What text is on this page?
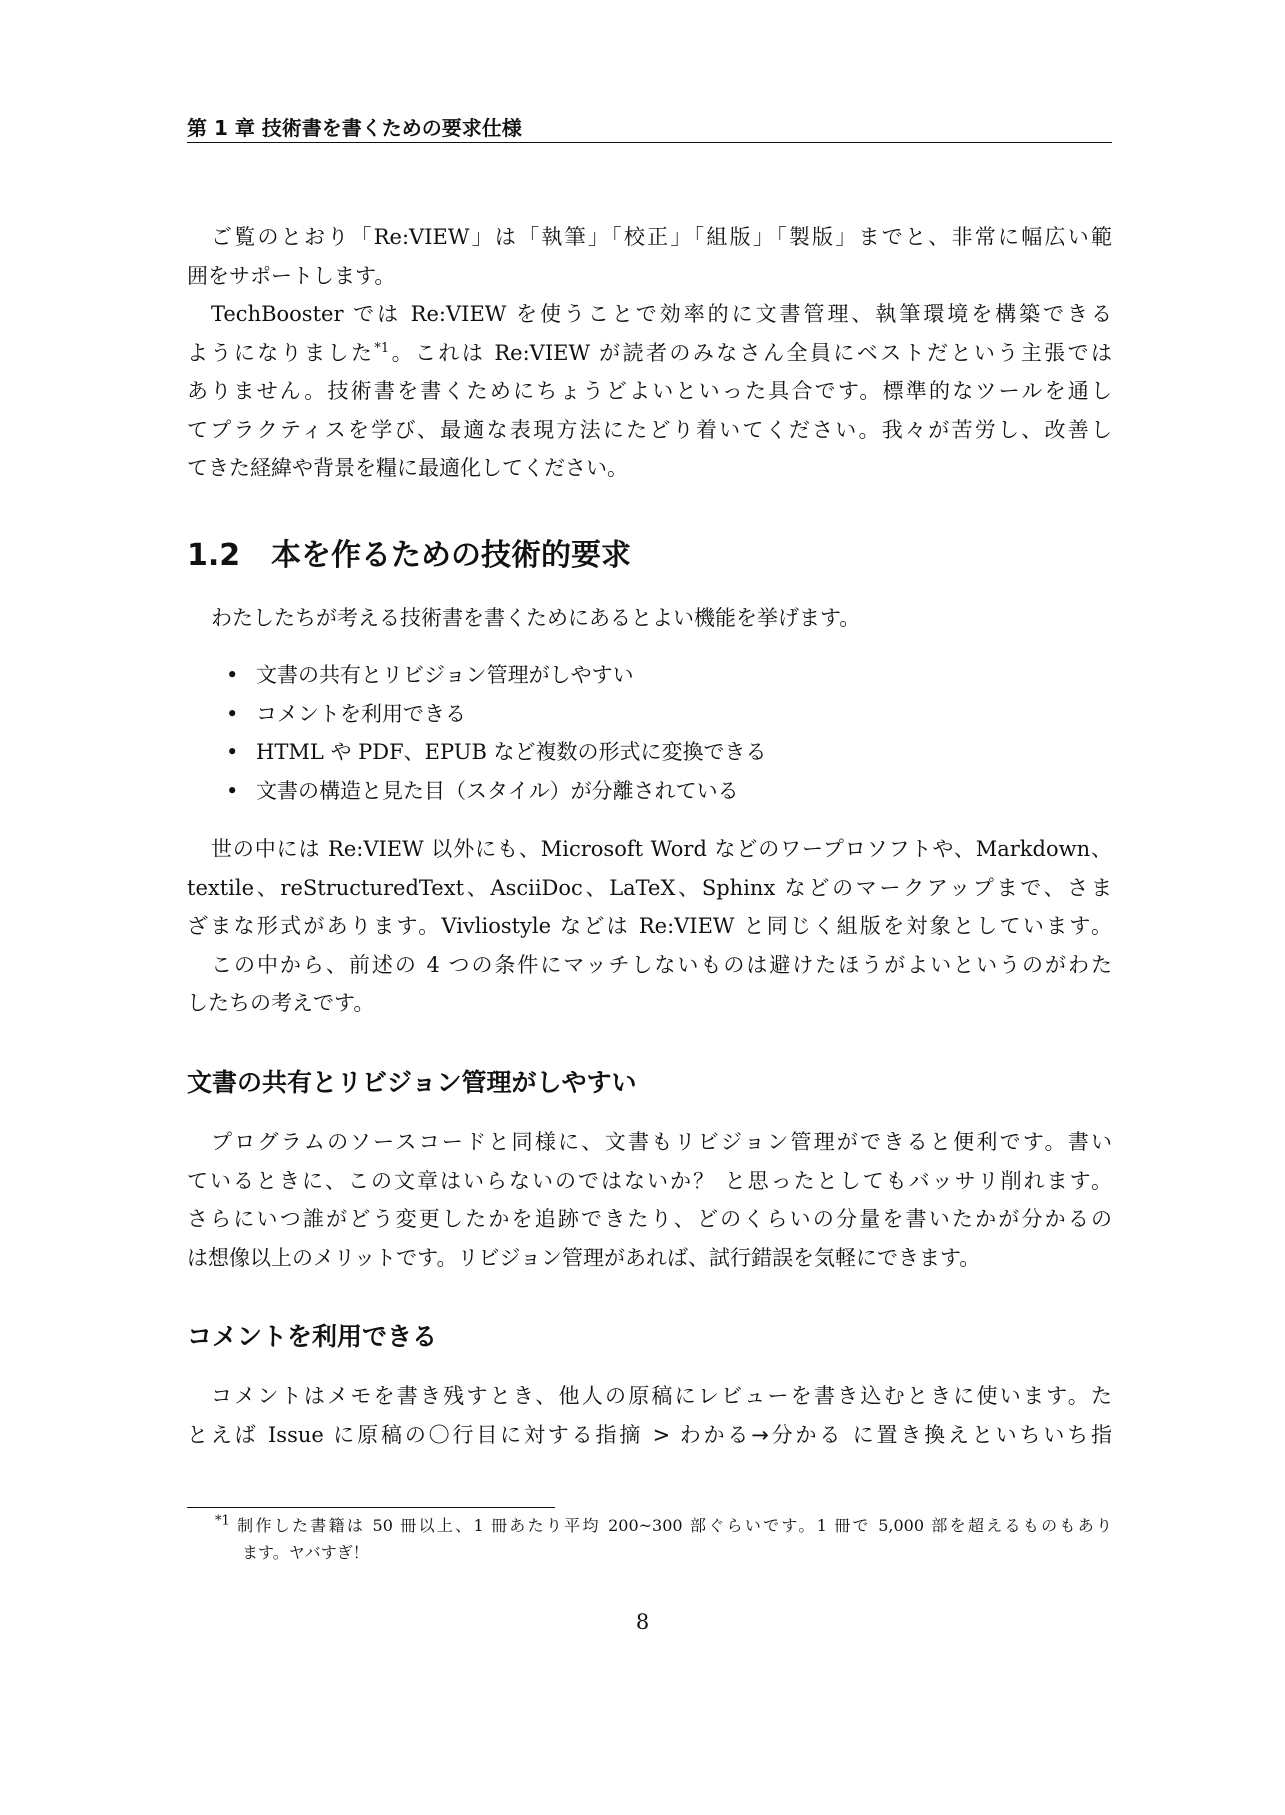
第 1 章 技術書を書くための要求仕様
ご覧のとおり「Re:VIEW」は「執筆」「校正」「組版」「製版」までと、非常に幅広い範
囲をサポートします。
TechBooster では Re:VIEW を使うことで効率的に文書管理、執筆環境を構築できる
ようになりました$^{*1}$。これは Re:VIEW が読者のみなさん全員にベストだという主張では
ありません。技術書を書くためにちょうどよいといった具合です。標準的なツールを通し
てプラクティスを学び、最適な表現方法にたどり着いてください。我々が苦労し、改善し
てきた経緯や背景を糧に最適化してください。
1.2 本を作るための技術的要求
わたしたちが考える技術書を書くためにあるとよい機能を挙げます。
• 文書の共有とリビジョン管理がしやすい
• コメントを利用できる
• HTML や PDF、EPUB など複数の形式に変換できる
• 文書の構造と見た目（スタイル）が分離されている
世の中には Re:VIEW 以外にも、Microsoft Word などのワープロソフトや、Markdown、
textile、reStructuredText、AsciiDoc、LaTeX、Sphinx などのマークアップまで、さま
ざまな形式があります。Vivliostyle などは Re:VIEW と同じく組版を対象としています。
この中から、前述の 4 つの条件にマッチしないものは避けたほうがよいというのがわた
したちの考えです。
文書の共有とリビジョン管理がしやすい
プログラムのソースコードと同様に、文書もリビジョン管理ができると便利です。書い
ているときに、この文章はいらないのではないか？ と思ったとしてもバッサリ削れます。
さらにいつ誰がどう変更したかを追跡できたり、どのくらいの分量を書いたかが分かるの
は想像以上のメリットです。リビジョン管理があれば、試行錯誤を気軽にできます。
コメントを利用できる
コメントはメモを書き残すとき、他人の原稿にレビューを書き込むときに使います。た
とえば Issue に原稿の〇行目に対する指摘 > わかる→分かる に置き換えといちいち指
$^{*1}$ 制作した書籍は 50 冊以上、1 冊あたり平均 200~300 部ぐらいです。1 冊で 5,000 部を超えるものもあり
ます。ヤバすぎ！
8
